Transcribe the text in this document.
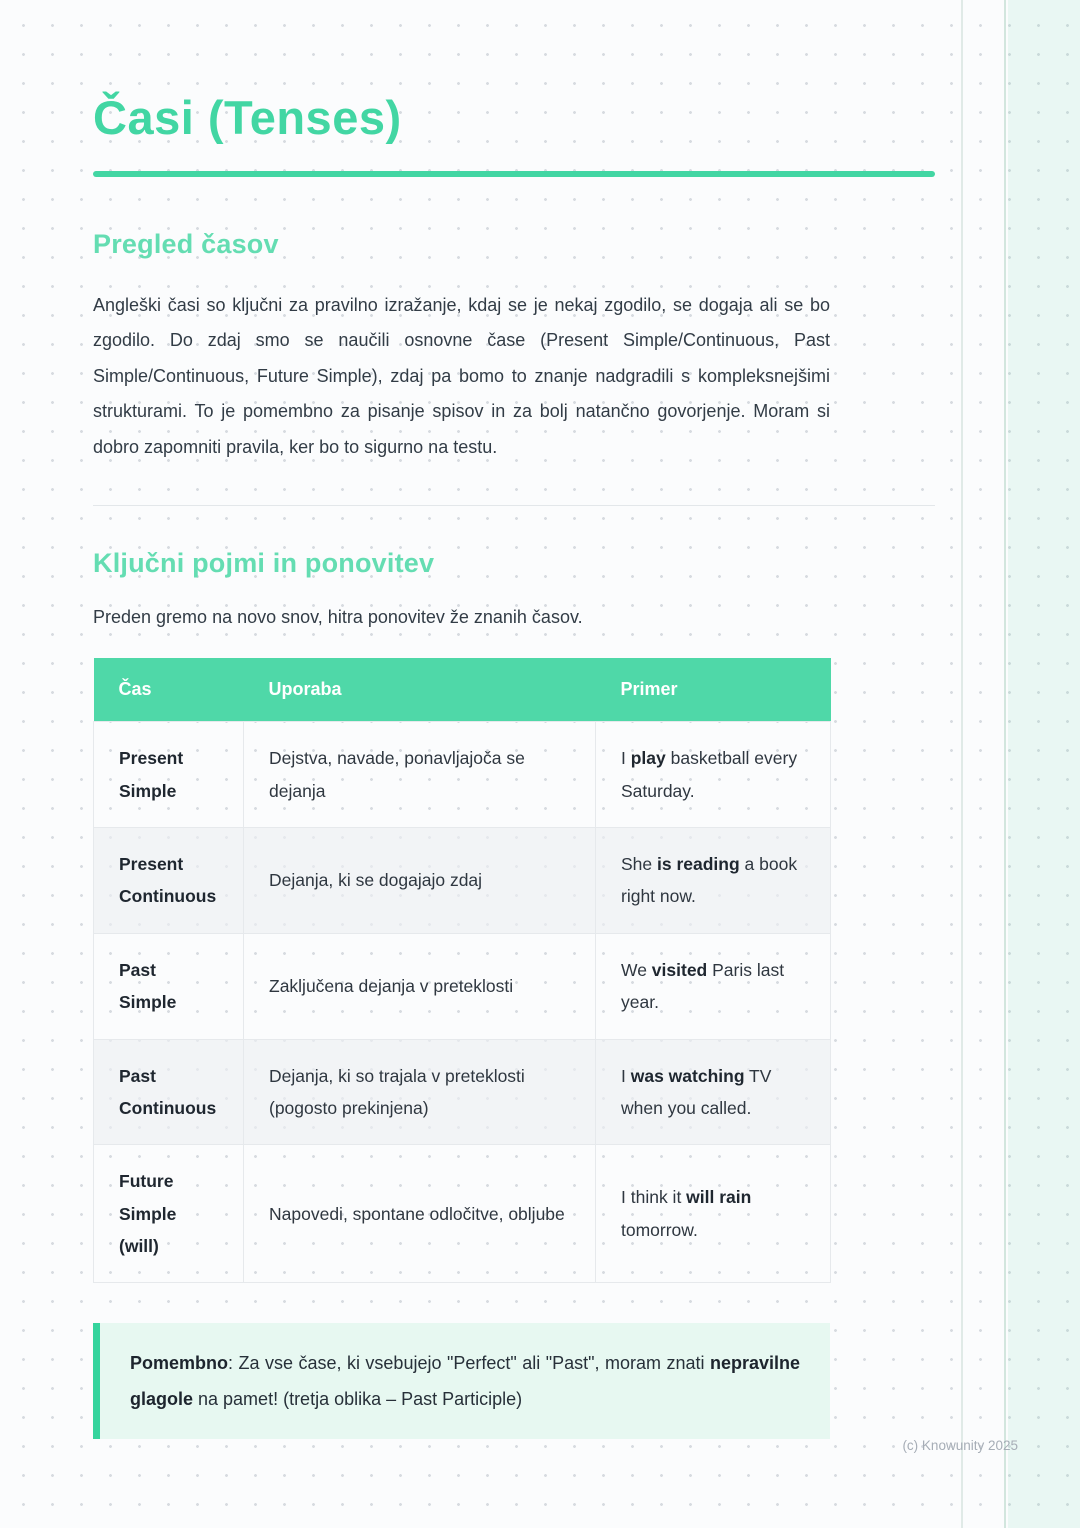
Časi (Tenses)
Pregled časov

Angleški časi so ključni za pravilno izražanje, kdaj se je nekaj zgodilo, se dogaja ali se bo zgodilo. Do zdaj smo se naučili osnovne čase (Present Simple/Continuous, Past Simple/Continuous, Future Simple), zdaj pa bomo to znanje nadgradili s kompleksnejšimi strukturami. To je pomembno za pisanje spisov in za bolj natančno govorjenje. Moram si dobro zapomniti pravila, ker bo to sigurno na testu.

Ključni pojmi in ponovitev

Preden gremo na novo snov, hitra ponovitev že znanih časov.

Čas	Uporaba	Primer
Present Simple	Dejstva, navade, ponavljajoča se dejanja	I play basketball every Saturday.
Present Continuous	Dejanja, ki se dogajajo zdaj	She is reading a book right now.
Past Simple	Zaključena dejanja v preteklosti	We visited Paris last year.
Past Continuous	Dejanja, ki so trajala v preteklosti (pogosto prekinjena)	I was watching TV when you called.
Future Simple (will)	Napovedi, spontane odločitve, obljube	I think it will rain tomorrow.

Pomembno: Za vse čase, ki vsebujejo "Perfect" ali "Past", moram znati nepravilne glagole na pamet! (tretja oblika – Past Participle)

(c) Knowunity 2025
